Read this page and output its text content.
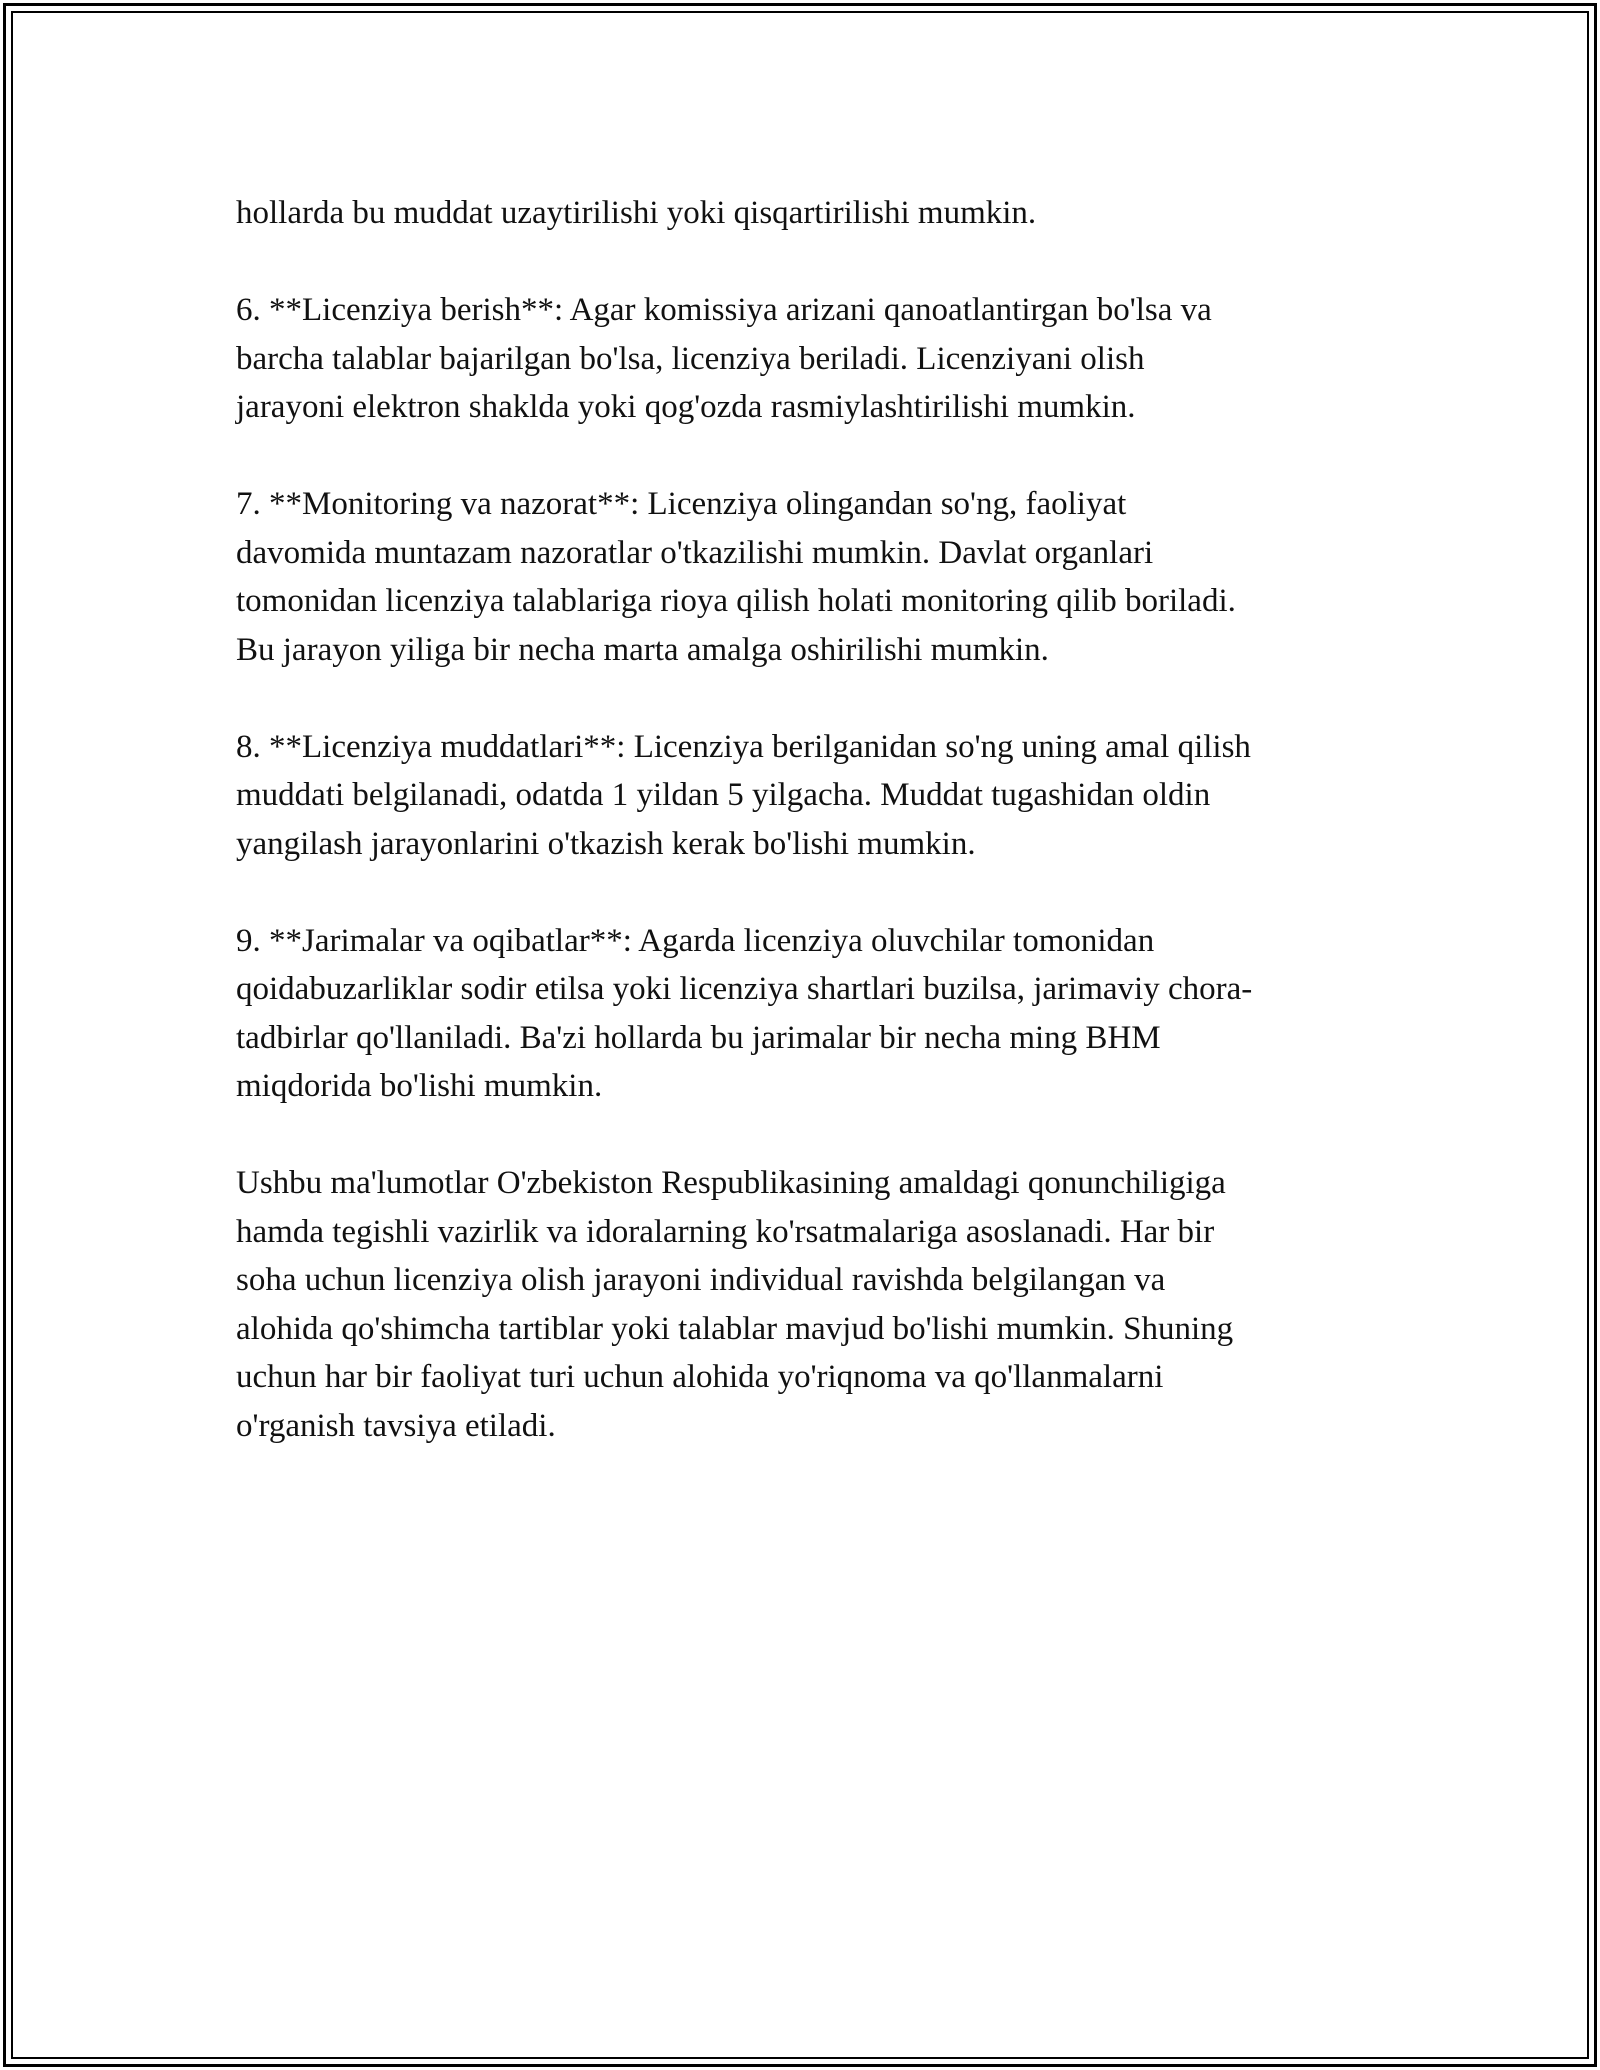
hollarda bu muddat uzaytirilishi yoki qisqartirilishi mumkin.

6. **Licenziya berish**: Agar komissiya arizani qanoatlantirgan bo'lsa va
barcha talablar bajarilgan bo'lsa, licenziya beriladi. Licenziyani olish
jarayoni elektron shaklda yoki qog'ozda rasmiylashtirilishi mumkin.

7. **Monitoring va nazorat**: Licenziya olingandan so'ng, faoliyat
davomida muntazam nazoratlar o'tkazilishi mumkin. Davlat organlari
tomonidan licenziya talablariga rioya qilish holati monitoring qilib boriladi.
Bu jarayon yiliga bir necha marta amalga oshirilishi mumkin.

8. **Licenziya muddatlari**: Licenziya berilganidan so'ng uning amal qilish
muddati belgilanadi, odatda 1 yildan 5 yilgacha. Muddat tugashidan oldin
yangilash jarayonlarini o'tkazish kerak bo'lishi mumkin.

9. **Jarimalar va oqibatlar**: Agarda licenziya oluvchilar tomonidan
qoidabuzarliklar sodir etilsa yoki licenziya shartlari buzilsa, jarimaviy chora-
tadbirlar qo'llaniladi. Ba'zi hollarda bu jarimalar bir necha ming BHM
miqdorida bo'lishi mumkin.

Ushbu ma'lumotlar O'zbekiston Respublikasining amaldagi qonunchiligiga
hamda tegishli vazirlik va idoralarning ko'rsatmalariga asoslanadi. Har bir
soha uchun licenziya olish jarayoni individual ravishda belgilangan va
alohida qo'shimcha tartiblar yoki talablar mavjud bo'lishi mumkin. Shuning
uchun har bir faoliyat turi uchun alohida yo'riqnoma va qo'llanmalarni
o'rganish tavsiya etiladi.
